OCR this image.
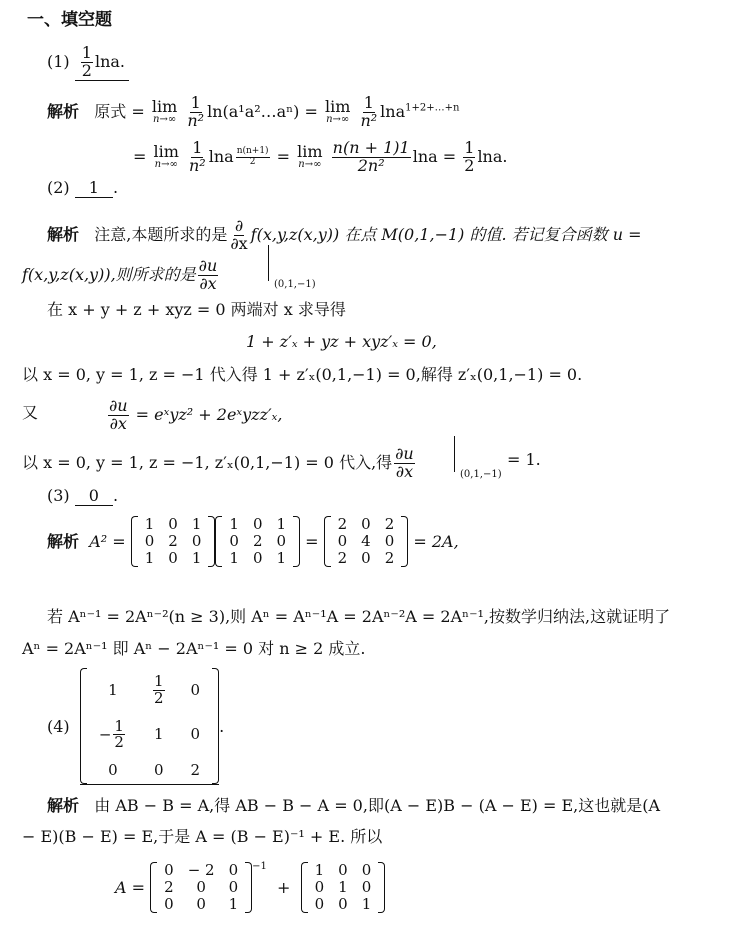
一、填空题
$(1) \frac{1}{2} \ln a$.
解析 原式 = lim
n→∞
$\frac{1}{\text{n²}}$ ln(a¹a²…aⁿ) = lim
n→∞
$\frac{1}{\text{n²}} \ln a^{1+2+\dots+n}$
= lim
n→∞
$\frac{1}{\text{n²}}$ lna $\frac{n(n+1)}{2} = \lim$
n→∞
$\frac{n(n + 1)1}{\text{2n²}}$ $\ln a = \frac{1}{2} \ln a$.
(2) 1 .
解析 注意,本题所求的是 $\frac{\partial}{\partial x} f(x,y,z(x,y))$ 在点 M(0,1,−1) 的值. 若记复合函数 u =
f(x,y,z(x,y)),则所求的是 $\frac{\partial u}{\partial x}$	(0,1,−1)
在 x + y + z + xyz = 0 两端对 x 求导得
1 + z′ₓ + yz + xyz′ₓ = 0,
以 x = 0, y = 1, z = −1 代入得 1 + z′ₓ(0,1,−1) = 0,解得 z′ₓ(0,1,−1) = 0.
又	$\frac{\partial u}{\partial x}$ = eˣyz² + 2eˣyzz′ₓ,
以 x = 0, y = 1, z = −1, z′ₓ(0,1,−1) = 0 代入,得 $\frac{\partial u}{\partial x}$	(0,1,−1)
= 1.
(3) 0 .
解析
A² =

1	0	1
0	2	0
1	0	1
1	0	1
0	2	0
1	0	1

=

2	0	2
0	4	0
2	0	2

= 2A,
若 Aⁿ⁻¹ = 2Aⁿ⁻²(n ≥ 3),则 Aⁿ = Aⁿ⁻¹A = 2Aⁿ⁻²A = 2Aⁿ⁻¹,按数学归纳法,这就证明了
Aⁿ = 2Aⁿ⁻¹ 即 Aⁿ − 2Aⁿ⁻¹ = 0 对 n ≥ 2 成立.
(4)

1	$\frac{1}{2}$	0
− $\frac{1}{2}$	1	0
0	0	2
.
解析 由 AB − B = A,得 AB − B − A = 0,即(A − E)B − (A − E) = E,这也就是(A
− E)(B − E) = E,于是 A = (B − E)⁻¹ + E. 所以
A =

0	− 2	0
2	0	0
0	0	1
$^{-1}$

+

1	0	0
0	1	0
0	0	1
